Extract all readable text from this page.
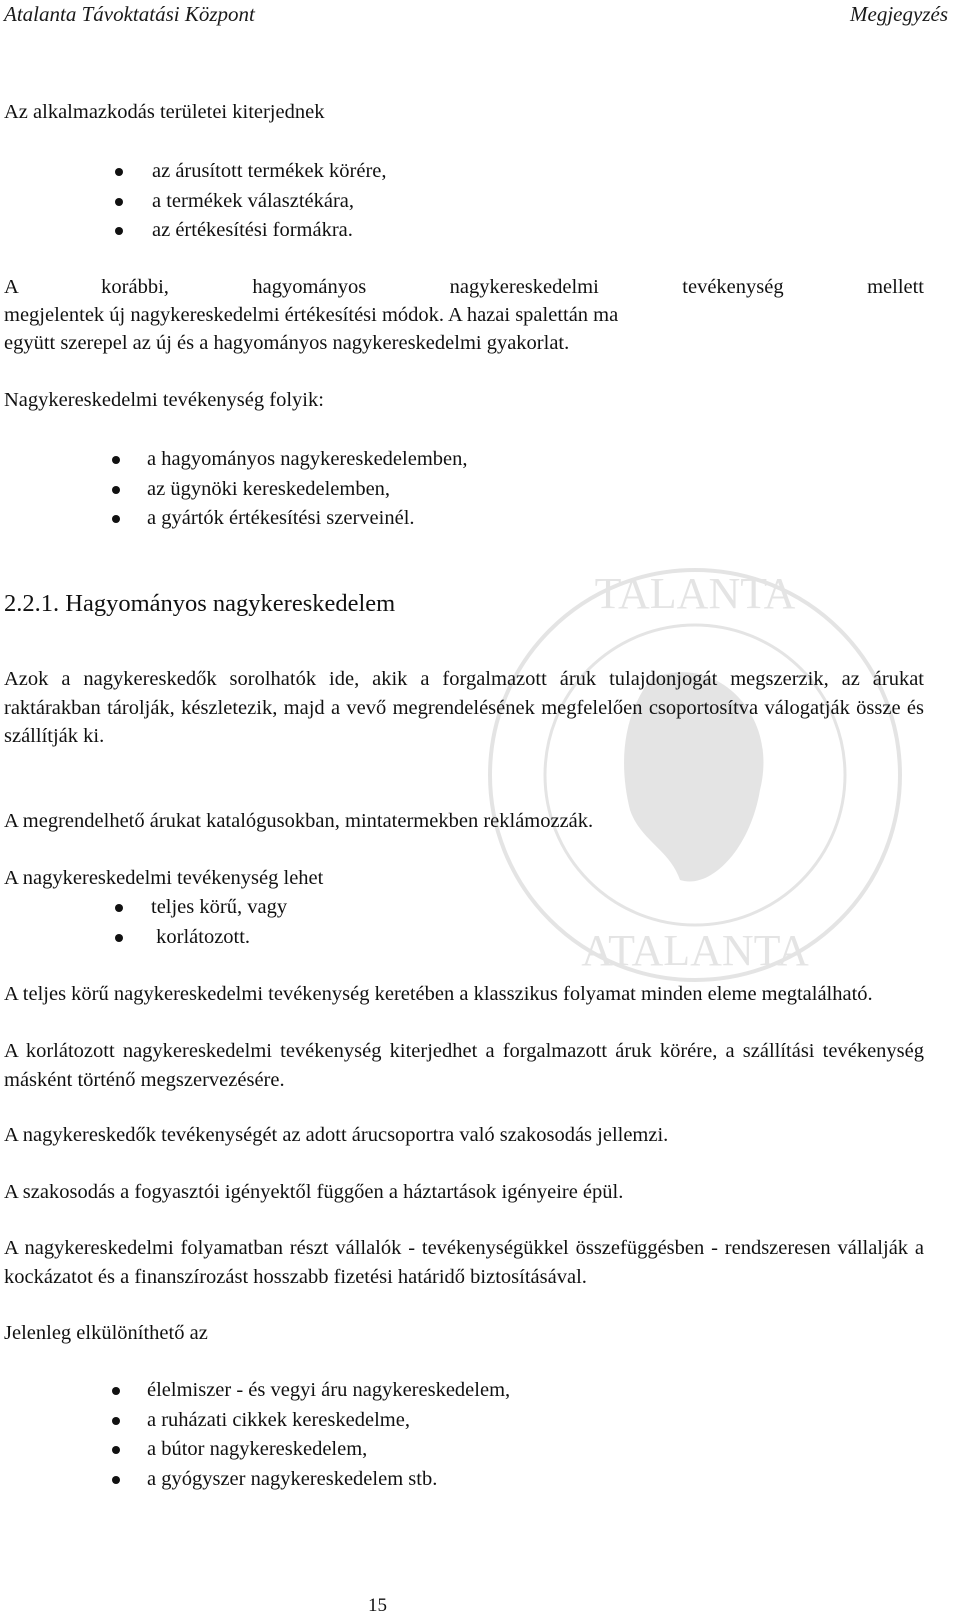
Atalanta Távoktatási Központ	Megjegyzés
TALANTA
ATALANTA

Az alkalmazkodás területei kiterjednek

az árusított termékek körére,
a termékek választékára,
az értékesítési formákra.

A korábbi, hagyományos nagykereskedelmi tevékenység mellett

megjelentek új nagykereskedelmi értékesítési módok. A hazai spalettán ma

együtt szerepel az új és a hagyományos nagykereskedelmi gyakorlat.

Nagykereskedelmi tevékenység folyik:

a hagyományos nagykereskedelemben,
az ügynöki kereskedelemben,
a gyártók értékesítési szerveinél.
2.2.1. Hagyományos nagykereskedelem

Azok a nagykereskedők sorolhatók ide, akik a forgalmazott áruk tulajdonjogát megszerzik, az árukat raktárakban tárolják, készletezik, majd a vevő megrendelésének megfelelően csoportosítva válogatják össze és szállítják ki.

A megrendelhető árukat katalógusokban, mintatermekben reklámozzák.

A nagykereskedelmi tevékenység lehet

teljes körű, vagy
korlátozott.

A teljes körű nagykereskedelmi tevékenység keretében a klasszikus folyamat minden eleme megtalálható.

A korlátozott nagykereskedelmi tevékenység kiterjedhet a forgalmazott áruk körére, a szállítási tevékenység másként történő megszervezésére.

A nagykereskedők tevékenységét az adott árucsoportra való szakosodás jellemzi.

A szakosodás a fogyasztói igényektől függően a háztartások igényeire épül.

A nagykereskedelmi folyamatban részt vállalók - tevékenységükkel összefüggésben - rendszeresen vállalják a kockázatot és a finanszírozást hosszabb fizetési határidő biztosításával.

Jelenleg elkülöníthető az

élelmiszer - és vegyi áru nagykereskedelem,
a ruházati cikkek kereskedelme,
a bútor nagykereskedelem,
a gyógyszer nagykereskedelem stb.
15
